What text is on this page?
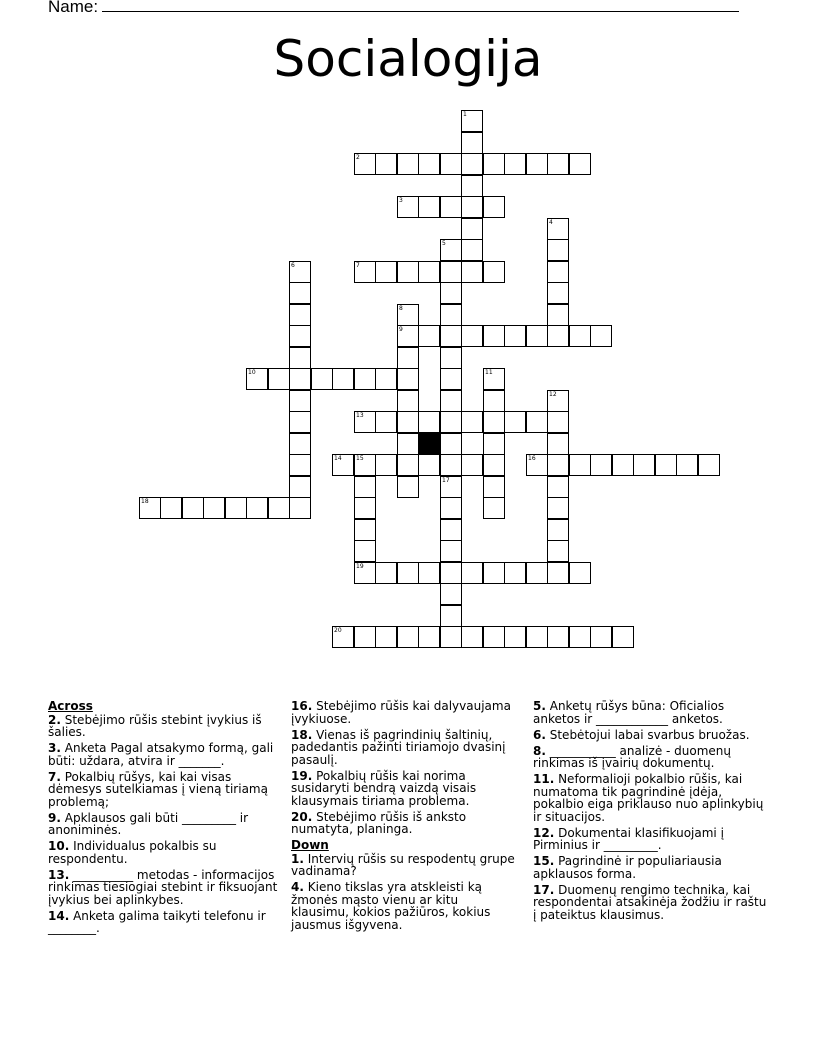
Name:
Socialogija
1
2
3
4
5
6	7
8
9
10	11
12
13
14 15	16
17
18
19
20

Across

2. Stebėjimo rūšis stebint įvykius iš šalies.

3. Anketa Pagal atsakymo formą, gali būti: uždara, atvira ir _______.

7. Pokalbių rūšys, kai kai visas dėmesys sutelkiamas į vieną tiriamą problemą;

9. Apklausos gali būti _________ ir anoniminės.

10. Individualus pokalbis su respondentu.

13. __________ metodas - informacijos rinkimas tiesiogiai stebint ir fiksuojant įvykius bei aplinkybes.

14. Anketa galima taikyti telefonu ir ________.

16. Stebėjimo rūšis kai dalyvaujama įvykiuose.

18. Vienas iš pagrindinių šaltinių, padedantis pažinti tiriamojo dvasinį pasaulį.

19. Pokalbių rūšis kai norima susidaryti bendrą vaizdą visais klausymais tiriama problema.

20. Stebėjimo rūšis iš anksto numatyta, planinga.

Down

1. Intervių rūšis su respodentų grupe vadinama?

4. Kieno tikslas yra atskleisti ką žmonės mąsto vienu ar kitu klausimu, kokios pažiūros, kokius jausmus išgyvena.

5. Anketų rūšys būna: Oficialios anketos ir ____________ anketos.

6. Stebėtojui labai svarbus bruožas.

8. ___________ analizė - duomenų rinkimas iš įvairių dokumentų.

11. Neformalioji pokalbio rūšis, kai numatoma tik pagrindinė įdėja, pokalbio eiga priklauso nuo aplinkybių ir situacijos.

12. Dokumentai klasifikuojami į Pirminius ir _________.

15. Pagrindinė ir populiariausia apklausos forma.

17. Duomenų rengimo technika, kai respondentai atsakinėja žodžiu ir raštu į pateiktus klausimus.
